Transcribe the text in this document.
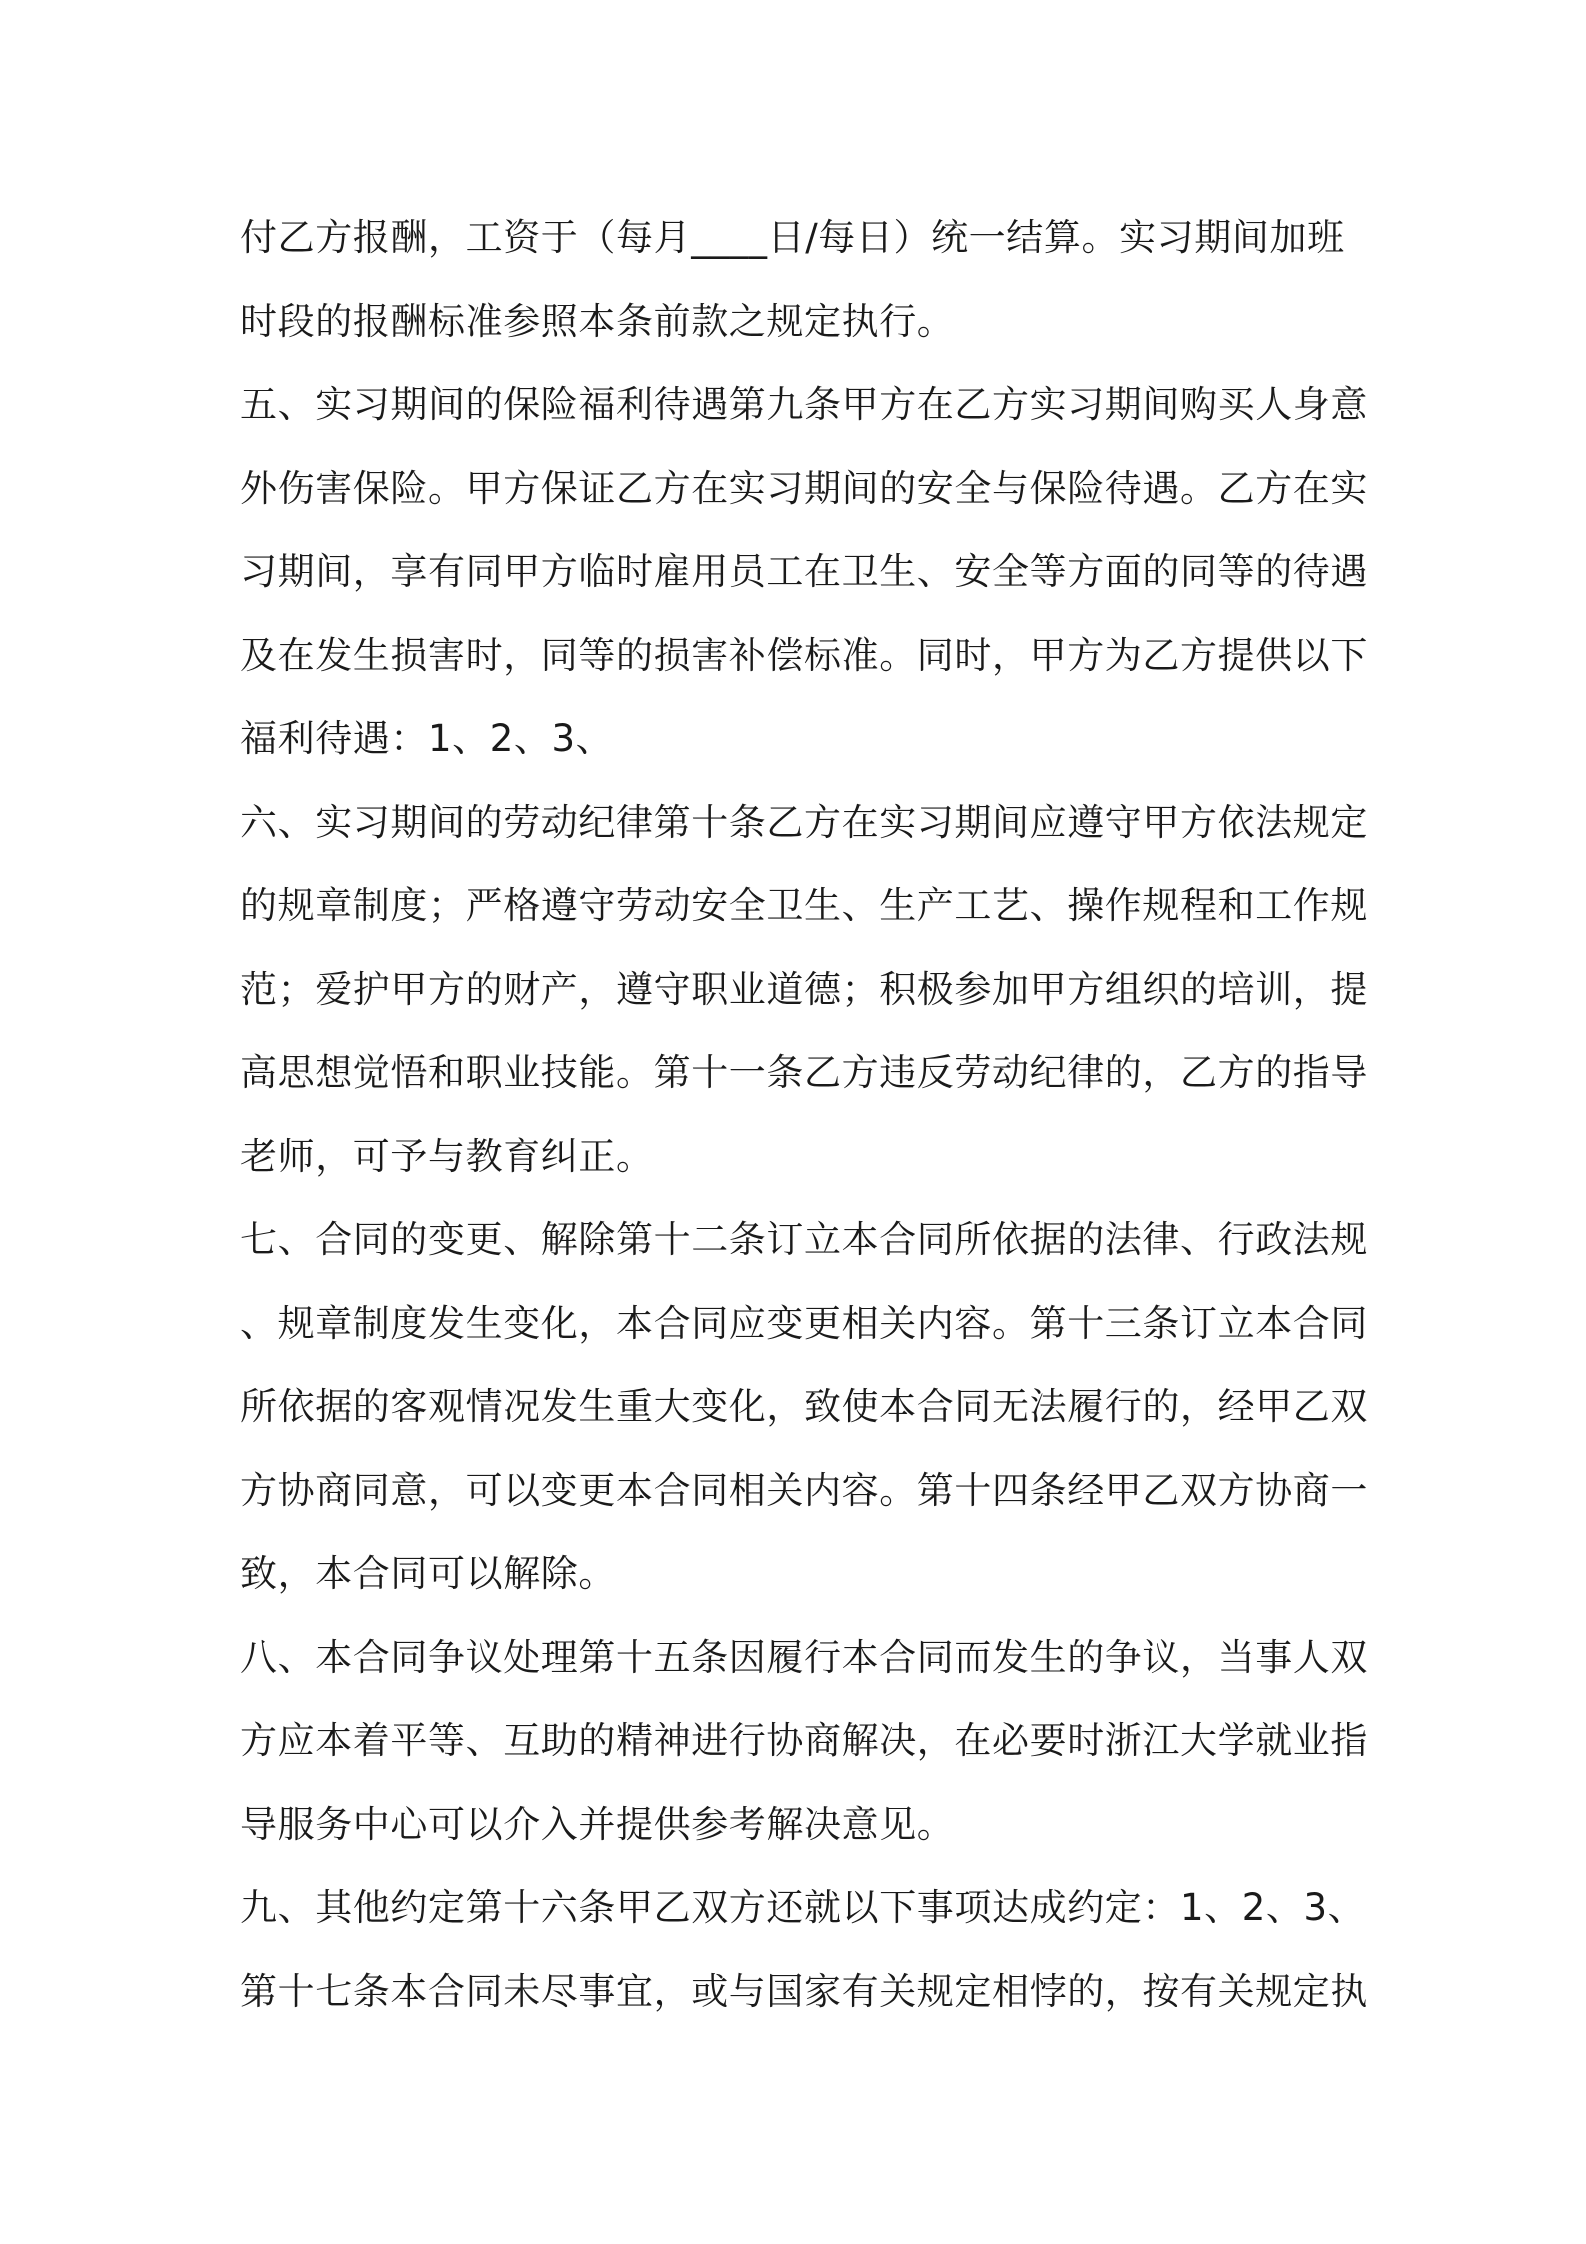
付乙方报酬，工资于（每月____日/每日）统一结算。实习期间加班
时段的报酬标准参照本条前款之规定执行。
五、实习期间的保险福利待遇第九条甲方在乙方实习期间购买人身意
外伤害保险。甲方保证乙方在实习期间的安全与保险待遇。乙方在实
习期间，享有同甲方临时雇用员工在卫生、安全等方面的同等的待遇
及在发生损害时，同等的损害补偿标准。同时，甲方为乙方提供以下
福利待遇：1、2、3、
六、实习期间的劳动纪律第十条乙方在实习期间应遵守甲方依法规定
的规章制度；严格遵守劳动安全卫生、生产工艺、操作规程和工作规
范；爱护甲方的财产，遵守职业道德；积极参加甲方组织的培训，提
高思想觉悟和职业技能。第十一条乙方违反劳动纪律的，乙方的指导
老师，可予与教育纠正。
七、合同的变更、解除第十二条订立本合同所依据的法律、行政法规
、规章制度发生变化，本合同应变更相关内容。第十三条订立本合同
所依据的客观情况发生重大变化，致使本合同无法履行的，经甲乙双
方协商同意，可以变更本合同相关内容。第十四条经甲乙双方协商一
致，本合同可以解除。
八、本合同争议处理第十五条因履行本合同而发生的争议，当事人双
方应本着平等、互助的精神进行协商解决，在必要时浙江大学就业指
导服务中心可以介入并提供参考解决意见。
九、其他约定第十六条甲乙双方还就以下事项达成约定：1、2、3、
第十七条本合同未尽事宜，或与国家有关规定相悖的，按有关规定执
